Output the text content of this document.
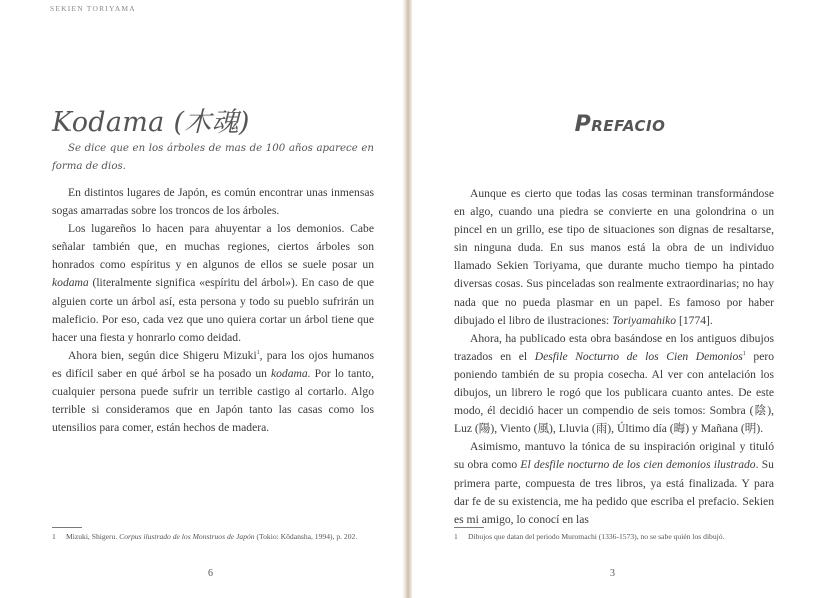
SEKIEN TORIYAMA
Kodama (木魂)
Se dice que en los árboles de mas de 100 años aparece en forma de dios.

En distintos lugares de Japón, es común encontrar unas inmensas sogas amarradas sobre los troncos de los árboles.

Los lugareños lo hacen para ahuyentar a los demonios. Cabe señalar también que, en muchas regiones, ciertos árboles son honrados como espíritus y en algunos de ellos se suele posar un kodama (literalmente significa «espíritu del árbol»). En caso de que alguien corte un árbol así, esta persona y todo su pueblo sufrirán un maleficio. Por eso, cada vez que uno quiera cortar un árbol tiene que hacer una fiesta y honrarlo como deidad.

Ahora bien, según dice Shigeru Mizuki$^1$, para los ojos humanos es difícil saber en qué árbol se ha posado un kodama. Por lo tanto, cualquier persona puede sufrir un terrible castigo al cortarlo. Algo terrible si consideramos que en Japón tanto las casas como los utensilios para comer, están hechos de madera.

1 Mizuki, Shigeru. Corpus ilustrado de los Monstruos de Japón (Tokio: Kōdansha, 1994), p. 202.
6
Prefacio

Aunque es cierto que todas las cosas terminan transformándose en algo, cuando una piedra se convierte en una golondrina o un pincel en un grillo, ese tipo de situaciones son dignas de resaltarse, sin ninguna duda. En sus manos está la obra de un individuo llamado Sekien Toriyama, que durante mucho tiempo ha pintado diversas cosas. Sus pinceladas son realmente extraordinarias; no hay nada que no pueda plasmar en un papel. Es famoso por haber dibujado el libro de ilustraciones: Toriyamahiko [1774].

Ahora, ha publicado esta obra basándose en los antiguos dibujos trazados en el Desfile Nocturno de los Cien Demonios$^1$ pero poniendo también de su propia cosecha. Al ver con antelación los dibujos, un librero le rogó que los publicara cuanto antes. De este modo, él decidió hacer un compendio de seis tomos: Sombra (陰), Luz (陽), Viento (風), Lluvia (雨), Último día (晦) y Mañana (明).

Asimismo, mantuvo la tónica de su inspiración original y tituló su obra como El desfile nocturno de los cien demonios ilustrado. Su primera parte, compuesta de tres libros, ya está finalizada. Y para dar fe de su existencia, me ha pedido que escriba el prefacio. Sekien es mi amigo, lo conocí en las

1 Dibujos que datan del periodo Muromachi (1336-1573), no se sabe quién los dibujó.
3
